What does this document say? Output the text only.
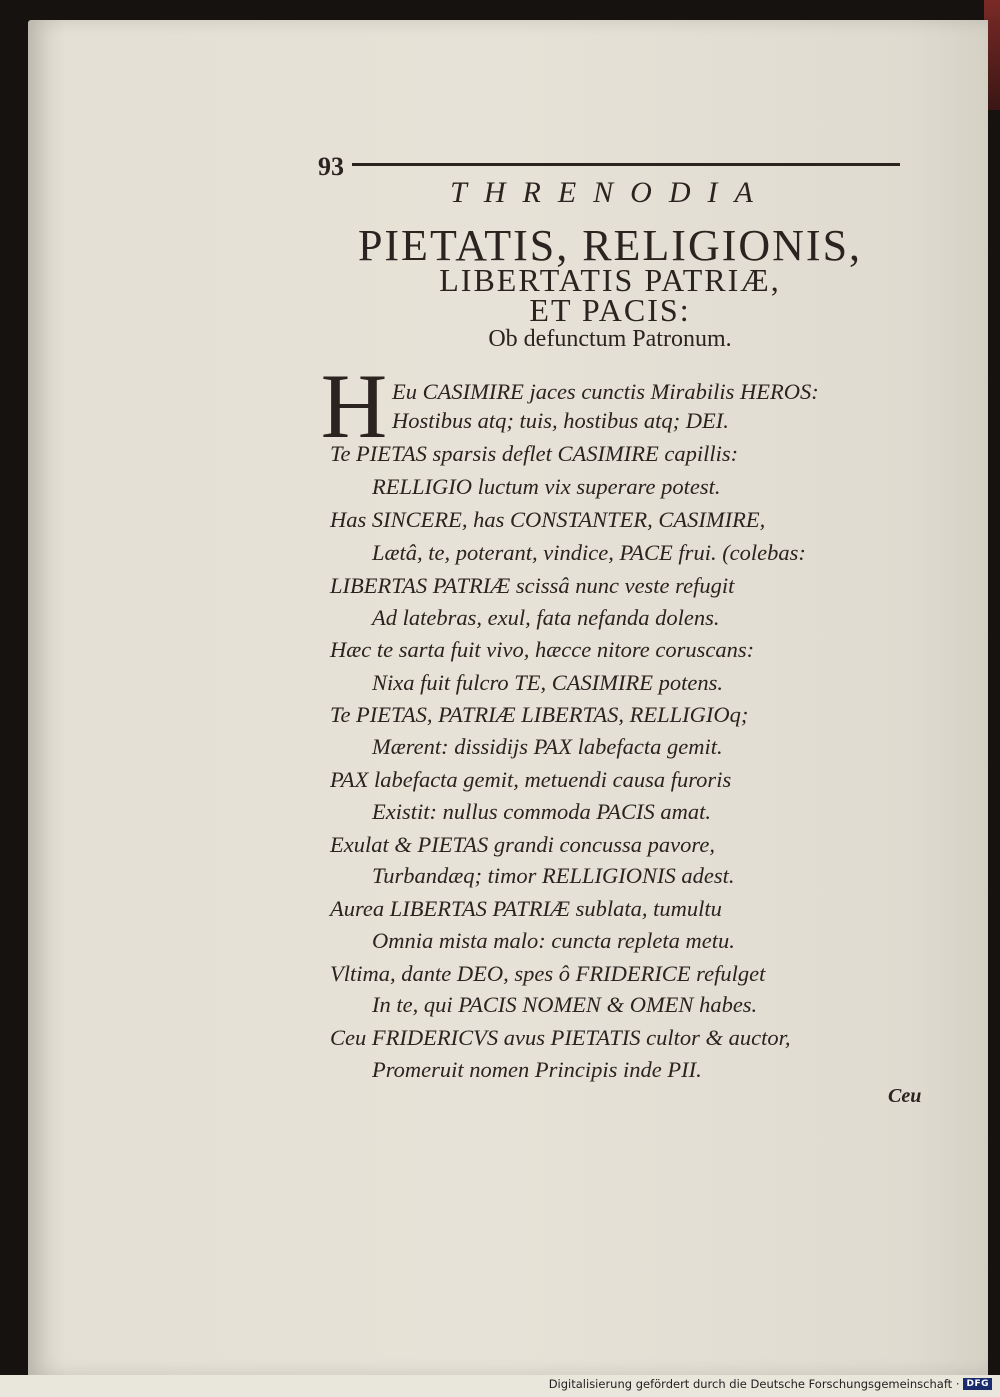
93
THRENODIA
PIETATIS, RELIGIONIS,
LIBERTATIS PATRIÆ,
ET PACIS:
Ob defunctum Patronum.
H Eu CASIMIRE jaces cunctis Mirabilis HEROS:
Hostibus atq; tuis, hostibus atq; DEI.
Te PIETAS sparsis deflet CASIMIRE capillis:
RELLIGIO luctum vix superare potest.
Has SINCERE, has CONSTANTER, CASIMIRE,
Lætâ, te, poterant, vindice, PACE frui. (colebas:
LIBERTAS PATRIÆ scissâ nunc veste refugit
Ad latebras, exul, fata nefanda dolens.
Hæc te sarta fuit vivo, hæcce nitore coruscans:
Nixa fuit fulcro TE, CASIMIRE potens.
Te PIETAS, PATRIÆ LIBERTAS, RELLIGIOq;
Mærent: dissidijs PAX labefacta gemit.
PAX labefacta gemit, metuendi causa furoris
Existit: nullus commoda PACIS amat.
Exulat & PIETAS grandi concussa pavore,
Turbandæq; timor RELLIGIONIS adest.
Aurea LIBERTAS PATRIÆ sublata, tumultu
Omnia mista malo: cuncta repleta metu.
Vltima, dante DEO, spes ô FRIDERICE refulget
In te, qui PACIS NOMEN & OMEN habes.
Ceu FRIDERICVS avus PIETATIS cultor & auctor,
Promeruit nomen Principis inde PII.
Ceu
Digitalisierung gefördert durch die Deutsche Forschungsgemeinschaft · DFG
